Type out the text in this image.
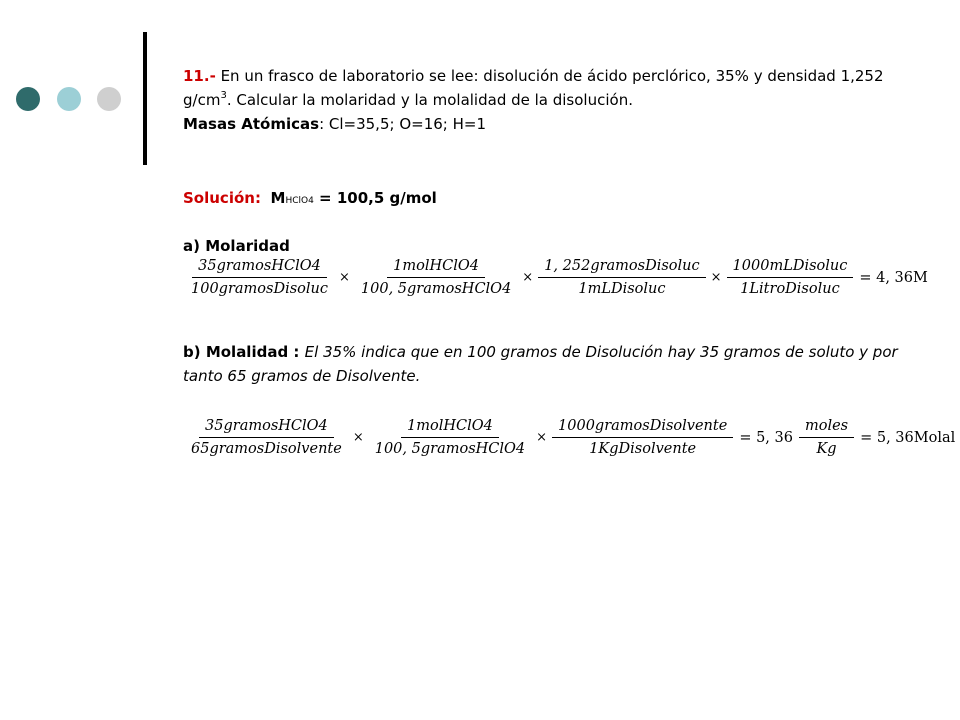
11.- En un frasco de laboratorio se lee: disolución de ácido perclórico, 35% y densidad 1,252 $g/cm^3$. Calcular la molaridad y la molalidad de la disolución.
Masas Atómicas: Cl=35,5; O=16; H=1
Solución: MHClO4 = 100,5 g/mol
a) Molaridad
$\frac{\text{35gramosHClO4}}{\text{100gramosDisoluc}} \times \frac{\text{1molHClO4}}{\text{100, 5gramosHClO4}} \times \frac{\text{1, 252gramosDisoluc}}{\text{1mLDisoluc}} \times \frac{\text{1000mLDisoluc}}{\text{1LitroDisoluc}} = 4$, 36M
b) Molalidad : El 35% indica que en 100 gramos de Disolución hay 35 gramos de soluto y por tanto 65 gramos de Disolvente.
$\frac{\text{35gramosHClO4}}{\text{65gramosDisolvente}} \times \frac{\text{1molHClO4}}{\text{100, 5gramosHClO4}} \times \frac{\text{1000gramosDisolvente}}{\text{1KgDisolvente}} = 5$, $36 \frac{\text{moles}}{Kg} = 5$, 36Molal
